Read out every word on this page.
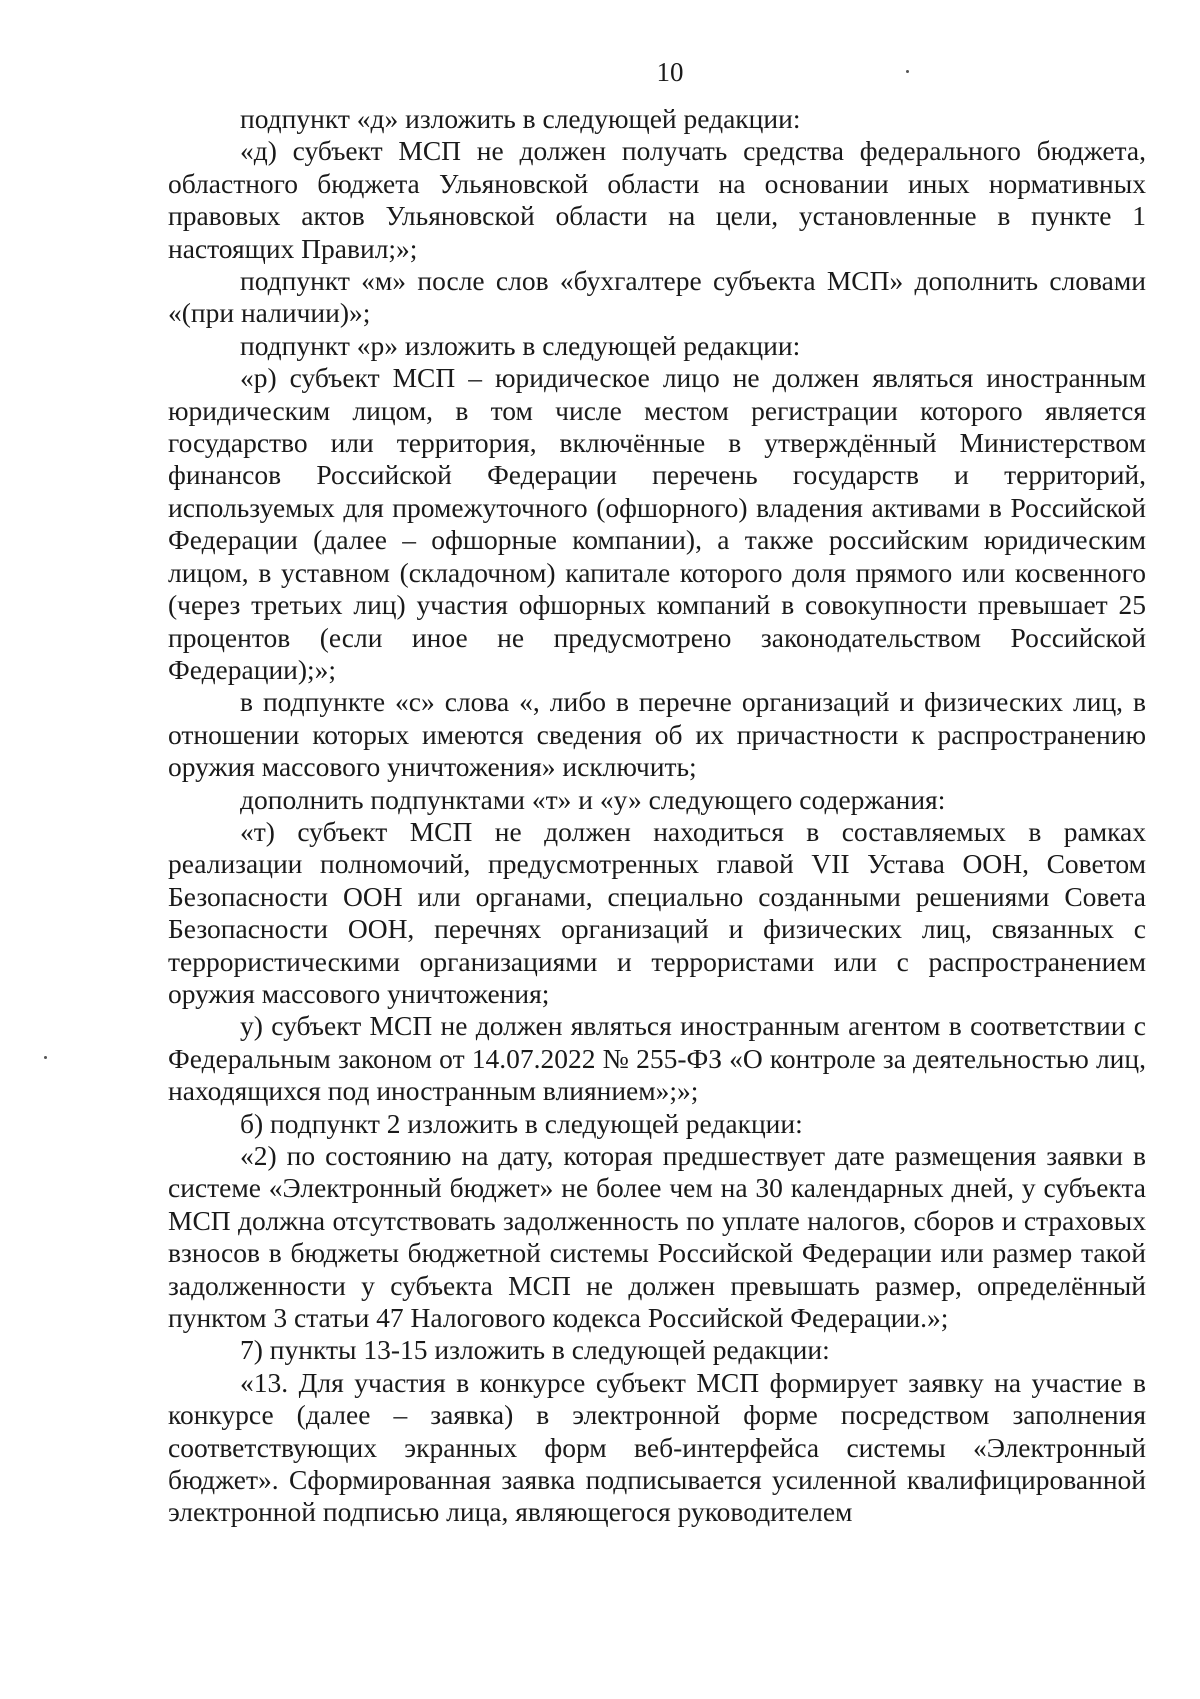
10

подпункт «д» изложить в следующей редакции:

«д) субъект МСП не должен получать средства федерального бюджета, областного бюджета Ульяновской области на основании иных нормативных правовых актов Ульяновской области на цели, установленные в пункте 1 настоящих Правил;»;

подпункт «м» после слов «бухгалтере субъекта МСП» дополнить словами «(при наличии)»;

подпункт «р» изложить в следующей редакции:

«р) субъект МСП – юридическое лицо не должен являться иностранным юридическим лицом, в том числе местом регистрации которого является государство или территория, включённые в утверждённый Министерством финансов Российской Федерации перечень государств и территорий, используемых для промежуточного (офшорного) владения активами в Российской Федерации (далее – офшорные компании), а также российским юридическим лицом, в уставном (складочном) капитале которого доля прямого или косвенного (через третьих лиц) участия офшорных компаний в совокупности превышает 25 процентов (если иное не предусмотрено законодательством Российской Федерации);»;

в подпункте «с» слова «, либо в перечне организаций и физических лиц, в отношении которых имеются сведения об их причастности к распространению оружия массового уничтожения» исключить;

дополнить подпунктами «т» и «у» следующего содержания:

«т) субъект МСП не должен находиться в составляемых в рамках реализации полномочий, предусмотренных главой VII Устава ООН, Советом Безопасности ООН или органами, специально созданными решениями Совета Безопасности ООН, перечнях организаций и физических лиц, связанных с террористическими организациями и террористами или с распространением оружия массового уничтожения;

у) субъект МСП не должен являться иностранным агентом в соответствии с Федеральным законом от 14.07.2022 № 255-ФЗ «О контроле за деятельностью лиц, находящихся под иностранным влиянием»;»;

б) подпункт 2 изложить в следующей редакции:

«2) по состоянию на дату, которая предшествует дате размещения заявки в системе «Электронный бюджет» не более чем на 30 календарных дней, у субъекта МСП должна отсутствовать задолженность по уплате налогов, сборов и страховых взносов в бюджеты бюджетной системы Российской Федерации или размер такой задолженности у субъекта МСП не должен превышать размер, определённый пунктом 3 статьи 47 Налогового кодекса Российской Федерации.»;

7) пункты 13-15 изложить в следующей редакции:

«13. Для участия в конкурсе субъект МСП формирует заявку на участие в конкурсе (далее – заявка) в электронной форме посредством заполнения соответствующих экранных форм веб-интерфейса системы «Электронный бюджет». Сформированная заявка подписывается усиленной квалифицированной электронной подписью лица, являющегося руководителем
